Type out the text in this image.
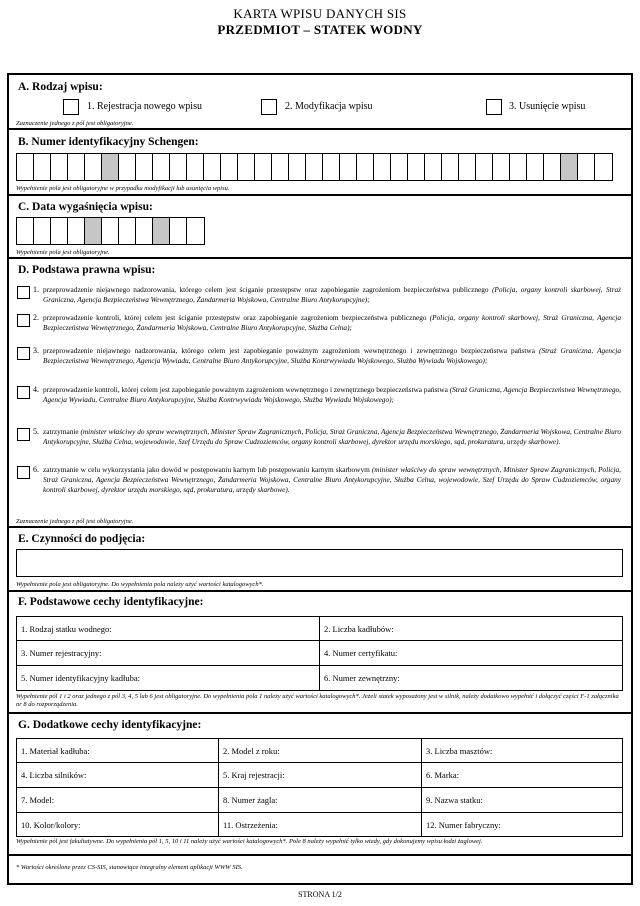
KARTA WPISU DANYCH SIS
PRZEDMIOT – STATEK WODNY
A. Rodzaj wpisu:
1. Rejestracja nowego wpisu	2. Modyfikacja wpisu	3. Usunięcie wpisu
Zaznaczenie jednego z pól jest obligatoryjne.
B. Numer identyfikacyjny Schengen:
Wypełnienie pola jest obligatoryjne w przypadku modyfikacji lub usunięcia wpisu.
C. Data wygaśnięcia wpisu:
Wypełnienie pola jest obligatoryjne.
D. Podstawa prawna wpisu:
1. przeprowadzenie niejawnego nadzorowania, którego celem jest ściganie przestępstw oraz zapobieganie zagrożeniom bezpieczeństwa publicznego (Policja, organy kontroli skarbowej, Straż Graniczna, Agencja Bezpieczeństwa Wewnętrznego, Żandarmeria Wojskowa, Centralne Biuro Antykorupcyjne);
2. przeprowadzenie kontroli, której celem jest ściganie przestępstw oraz zapobieganie zagrożeniom bezpieczeństwa publicznego (Policja, organy kontroli skarbowej, Straż Graniczna, Agencja Bezpieczeństwa Wewnętrznego, Żandarmeria Wojskowa, Centralne Biuro Antykorupcyjne, Służba Celna);
3. przeprowadzenie niejawnego nadzorowania, którego celem jest zapobieganie poważnym zagrożeniom wewnętrznego i zewnętrznego bezpieczeństwa państwa (Straż Graniczna, Agencja Bezpieczeństwa Wewnętrznego, Agencja Wywiadu, Centralne Biuro Antykorupcyjne, Służba Kontrwywiadu Wojskowego, Służba Wywiadu Wojskowego);
4. przeprowadzenie kontroli, której celem jest zapobieganie poważnym zagrożeniom wewnętrznego i zewnętrznego bezpieczeństwa państwa (Straż Graniczna, Agencja Bezpieczeństwa Wewnętrznego, Agencja Wywiadu, Centralne Biuro Antykorupcyjne, Służba Kontrwywiadu Wojskowego, Służba Wywiadu Wojskowego);
5. zatrzymanie (minister właściwy do spraw wewnętrznych, Minister Spraw Zagranicznych, Policja, Straż Graniczna, Agencja Bezpieczeństwa Wewnętrznego, Żandarmeria Wojskowa, Centralne Biuro Antykorupcyjne, Służba Celna, wojewodowie, Szef Urzędu do Spraw Cudzoziemców, organy kontroli skarbowej, dyrektor urzędu morskiego, sąd, prokuratura, urzędy skarbowe).
6. zatrzymanie w celu wykorzystania jako dowód w postępowaniu karnym lub postępowaniu karnym skarbowym (minister właściwy do spraw wewnętrznych, Minister Spraw Zagranicznych, Policja, Straż Graniczna, Agencja Bezpieczeństwa Wewnętrznego, Żandarmeria Wojskowa, Centralne Biuro Antykorupcyjne, Służba Celna, wojewodowie, Szef Urzędu do Spraw Cudzoziemców, organy kontroli skarbowej, dyrektor urzędu morskiego, sąd, prokuratura, urzędy skarbowe).
Zaznaczenie jednego z pól jest obligatoryjne.
E. Czynności do podjęcia:
Wypełnienie pola jest obligatoryjne. Do wypełnienia pola należy użyć wartości katalogowych*.
F. Podstawowe cechy identyfikacyjne:
1. Rodzaj statku wodnego:	2. Liczba kadłubów:
3. Numer rejestracyjny:	4. Numer certyfikatu:
5. Numer identyfikacyjny kadłuba:	6. Numer zewnętrzny:
Wypełnienie pól 1 i 2 oraz jednego z pól 3, 4, 5 lub 6 jest obligatoryjne. Do wypełnienia pola 1 należy użyć wartości katalogowych*. Jeżeli statek wyposażony jest w silnik, należy dodatkowo wypełnić i dołączyć części F-1 załącznika nr 8 do rozporządzenia.
G. Dodatkowe cechy identyfikacyjne:
1. Materiał kadłuba:	2. Model z roku:	3. Liczba masztów:
4. Liczba silników:	5. Kraj rejestracji:	6. Marka:
7. Model:	8. Numer żagla:	9. Nazwa statku:
10. Kolor/kolory:	11. Ostrzeżenia:	12. Numer fabryczny:
Wypełnienie pól jest fakultatywne. Do wypełnienia pól 1, 5, 10 i 11 należy użyć wartości katalogowych*. Pole 8 należy wypełnić tylko wtedy, gdy dokonujemy wpisu łodzi żaglowej.
* Wartości określone przez CS-SIS, stanowiące integralny element aplikacji WWW SIS.
STRONA 1/2
